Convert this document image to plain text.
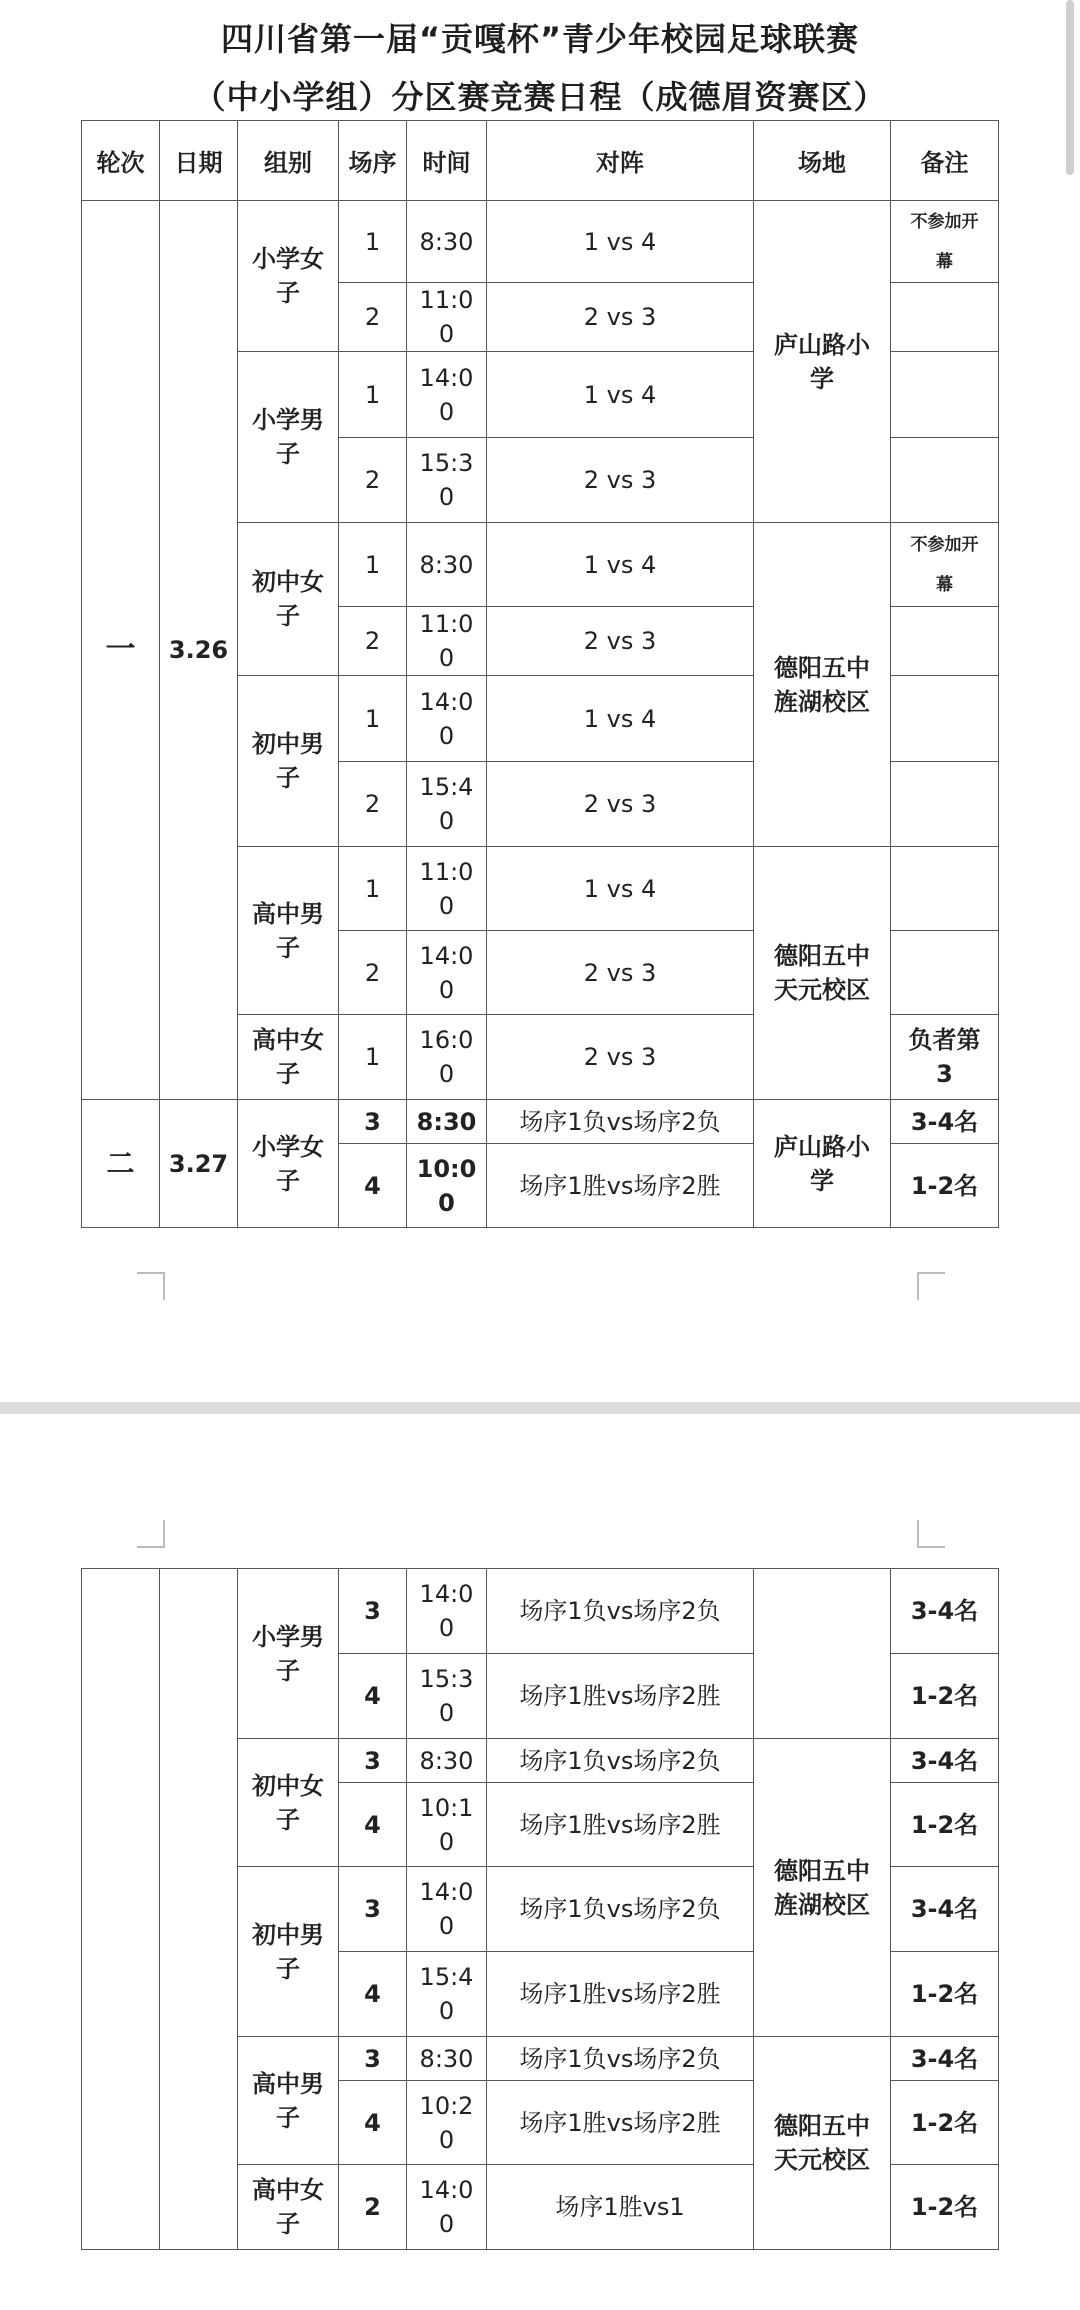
四川省第一届“贡嘎杯”青少年校园足球联赛
（中小学组）分区赛竞赛日程（成德眉资赛区）
轮次	日期	组别	场序	时间	对阵	场地	备注
一	3.26	小学女子	1	8:30	1 vs 4	庐山路小学	不参加开幕
			2	11:00	2 vs 3		
		小学男子	1	14:00	1 vs 4		
			2	15:30	2 vs 3		
		初中女子	1	8:30	1 vs 4	德阳五中旌湖校区	不参加开幕
			2	11:00	2 vs 3		
		初中男子	1	14:00	1 vs 4		
			2	15:40	2 vs 3		
		高中男子	1	11:00	1 vs 4	德阳五中天元校区	
			2	14:00	2 vs 3		
		高中女子	1	16:00	2 vs 3		负者第3
二	3.27	小学女子	3	8:30	场序1负vs场序2负	庐山路小学	3-4名
			4	10:00	场序1胜vs场序2胜		1-2名
		小学男子	3	14:00	场序1负vs场序2负		3-4名
			4	15:30	场序1胜vs场序2胜		1-2名
		初中女子	3	8:30	场序1负vs场序2负	德阳五中旌湖校区	3-4名
			4	10:10	场序1胜vs场序2胜		1-2名
		初中男子	3	14:00	场序1负vs场序2负		3-4名
			4	15:40	场序1胜vs场序2胜		1-2名
		高中男子	3	8:30	场序1负vs场序2负	德阳五中天元校区	3-4名
			4	10:20	场序1胜vs场序2胜		1-2名
		高中女子	2	14:00	场序1胜vs1		1-2名
